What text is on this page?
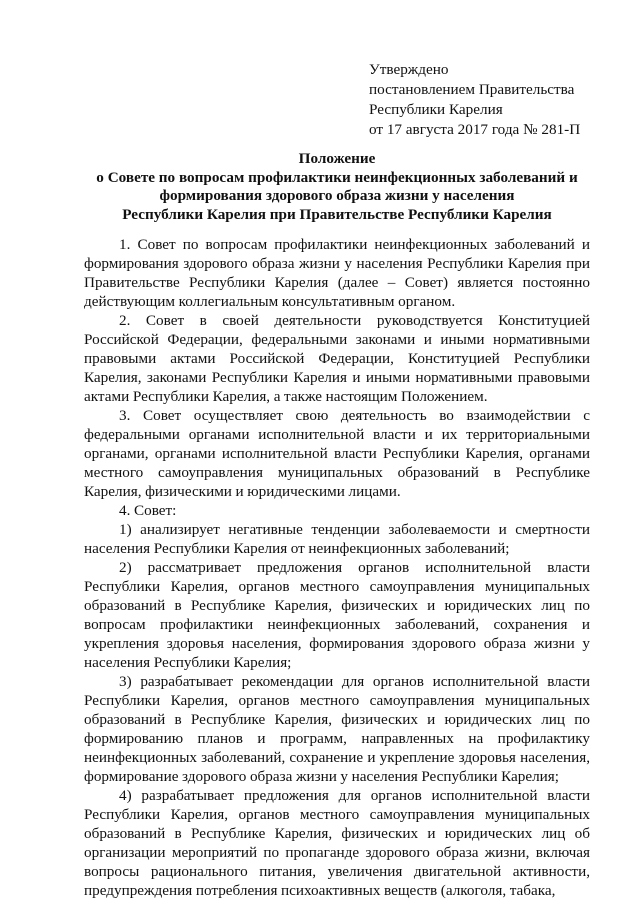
Утверждено
постановлением Правительства
Республики Карелия
от 17 августа 2017 года № 281-П
Положение
о Совете по вопросам профилактики неинфекционных заболеваний и
формирования здорового образа жизни у населения
Республики Карелия при Правительстве Республики Карелия

1. Совет по вопросам профилактики неинфекционных заболеваний и формирования здорового образа жизни у населения Республики Карелия при Правительстве Республики Карелия (далее – Совет) является постоянно действующим коллегиальным консультативным органом.

2. Совет в своей деятельности руководствуется Конституцией Российской Федерации, федеральными законами и иными нормативными правовыми актами Российской Федерации, Конституцией Республики Карелия, законами Республики Карелия и иными нормативными правовыми актами Республики Карелия, а также настоящим Положением.

3. Совет осуществляет свою деятельность во взаимодействии с федеральными органами исполнительной власти и их территориальными органами, органами исполнительной власти Республики Карелия, органами местного самоуправления муниципальных образований в Республике Карелия, физическими и юридическими лицами.

4. Совет:

1) анализирует негативные тенденции заболеваемости и смертности населения Республики Карелия от неинфекционных заболеваний;

2) рассматривает предложения органов исполнительной власти Республики Карелия, органов местного самоуправления муниципальных образований в Республике Карелия, физических и юридических лиц по вопросам профилактики неинфекционных заболеваний, сохранения и укрепления здоровья населения, формирования здорового образа жизни у населения Республики Карелия;

3) разрабатывает рекомендации для органов исполнительной власти Республики Карелия, органов местного самоуправления муниципальных образований в Республике Карелия, физических и юридических лиц по формированию планов и программ, направленных на профилактику неинфекционных заболеваний, сохранение и укрепление здоровья населения, формирование здорового образа жизни у населения Республики Карелия;

4) разрабатывает предложения для органов исполнительной власти Республики Карелия, органов местного самоуправления муниципальных образований в Республике Карелия, физических и юридических лиц об организации мероприятий по пропаганде здорового образа жизни, включая вопросы рационального питания, увеличения двигательной активности, предупреждения потребления психоактивных веществ (алкоголя, табака,
